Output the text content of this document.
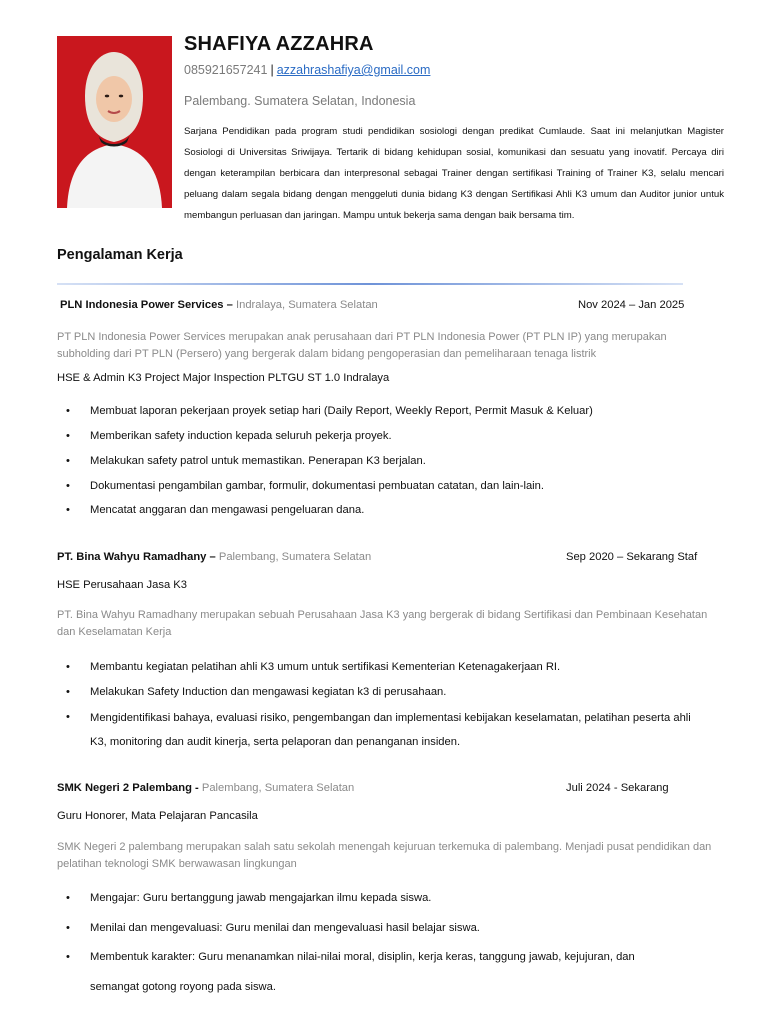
SHAFIYA AZZAHRA
085921657241 | azzahrashafiya@gmail.com
Palembang. Sumatera Selatan, Indonesia

Sarjana Pendidikan pada program studi pendidikan sosiologi dengan predikat Cumlaude. Saat ini melanjutkan Magister Sosiologi di Universitas Sriwijaya. Tertarik di bidang kehidupan sosial, komunikasi dan sesuatu yang inovatif. Percaya diri dengan keterampilan berbicara dan interpresonal sebagai Trainer dengan sertifikasi Training of Trainer K3, selalu mencari peluang dalam segala bidang dengan menggeluti dunia bidang K3 dengan Sertifikasi Ahli K3 umum dan Auditor junior untuk membangun perluasan dan jaringan. Mampu untuk bekerja sama dengan baik bersama tim.

Pengalaman Kerja
PLN Indonesia Power Services – Indralaya, Sumatera Selatan	Nov 2024 – Jan 2025

PT PLN Indonesia Power Services merupakan anak perusahaan dari PT PLN Indonesia Power (PT PLN IP) yang merupakan subholding dari PT PLN (Persero) yang bergerak dalam bidang pengoperasian dan pemeliharaan tenaga listrik

HSE & Admin K3 Project Major Inspection PLTGU ST 1.0 Indralaya
• Membuat laporan pekerjaan proyek setiap hari (Daily Report, Weekly Report, Permit Masuk & Keluar)
• Memberikan safety induction kepada seluruh pekerja proyek.
• Melakukan safety patrol untuk memastikan. Penerapan K3 berjalan.
• Dokumentasi pengambilan gambar, formulir, dokumentasi pembuatan catatan, dan lain-lain.
• Mencatat anggaran dan mengawasi pengeluaran dana.
PT. Bina Wahyu Ramadhany – Palembang, Sumatera Selatan	Sep 2020 – Sekarang Staf
HSE Perusahaan Jasa K3

PT. Bina Wahyu Ramadhany merupakan sebuah Perusahaan Jasa K3 yang bergerak di bidang Sertifikasi dan Pembinaan Kesehatan dan Keselamatan Kerja

• Membantu kegiatan pelatihan ahli K3 umum untuk sertifikasi Kementerian Ketenagakerjaan RI.
• Melakukan Safety Induction dan mengawasi kegiatan k3 di perusahaan.
• Mengidentifikasi bahaya, evaluasi risiko, pengembangan dan implementasi kebijakan keselamatan, pelatihan peserta ahli K3, monitoring dan audit kinerja, serta pelaporan dan penanganan insiden.
SMK Negeri 2 Palembang - Palembang, Sumatera Selatan	Juli 2024 - Sekarang
Guru Honorer, Mata Pelajaran Pancasila

SMK Negeri 2 palembang merupakan salah satu sekolah menengah kejuruan terkemuka di palembang. Menjadi pusat pendidikan dan pelatihan teknologi SMK berwawasan lingkungan

• Mengajar: Guru bertanggung jawab mengajarkan ilmu kepada siswa.
• Menilai dan mengevaluasi: Guru menilai dan mengevaluasi hasil belajar siswa.
• Membentuk karakter: Guru menanamkan nilai-nilai moral, disiplin, kerja keras, tanggung jawab, kejujuran, dan
semangat gotong royong pada siswa.
